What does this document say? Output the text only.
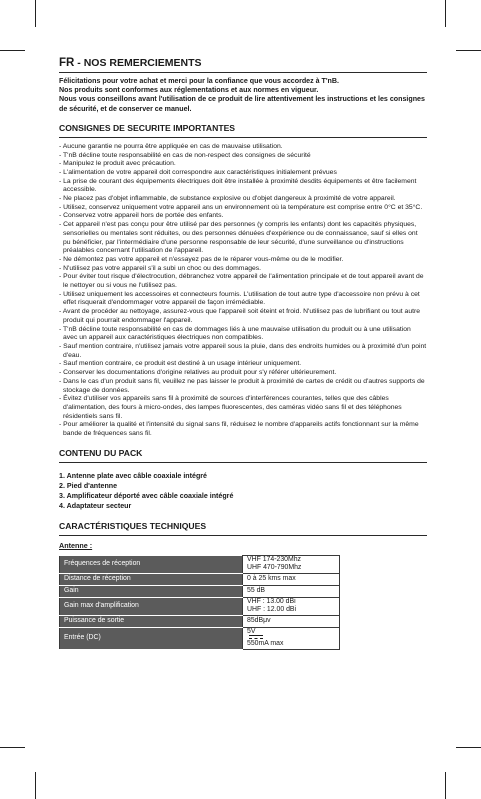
FR - NOS REMERCIEMENTS
Félicitations pour votre achat et merci pour la confiance que vous accordez à T'nB.
Nos produits sont conformes aux réglementations et aux normes en vigueur.
Nous vous conseillons avant l'utilisation de ce produit de lire attentivement les instructions et les consignes de sécurité, et de conserver ce manuel.
CONSIGNES DE SECURITE IMPORTANTES
- Aucune garantie ne pourra être appliquée en cas de mauvaise utilisation.
- T'nB décline toute responsabilité en cas de non-respect des consignes de sécurité
- Manipulez le produit avec précaution.
- L'alimentation de votre appareil doit correspondre aux caractéristiques initialement prévues
- La prise de courant des équipements électriques doit être installée à proximité desdits équipements et être facilement accessible.
- Ne placez pas d'objet inflammable, de substance explosive ou d'objet dangereux à proximité de votre appareil.
- Utilisez, conservez uniquement votre appareil ans un environnement où la température est comprise entre 0°C et 35°C.
- Conservez votre appareil hors de portée des enfants.
- Cet appareil n'est pas conçu pour être utilisé par des personnes (y compris les enfants) dont les capacités physiques, sensorielles ou mentales sont réduites, ou des personnes dénuées d'expérience ou de connaissance, sauf si elles ont pu bénéficier, par l'intermédiaire d'une personne responsable de leur sécurité, d'une surveillance ou d'instructions préalables concernant l'utilisation de l'appareil.
- Ne démontez pas votre appareil et n'essayez pas de le réparer vous-même ou de le modifier.
- N'utilisez pas votre appareil s'il a subi un choc ou des dommages.
- Pour éviter tout risque d'électrocution, débranchez votre appareil de l'alimentation principale et de tout appareil avant de le nettoyer ou si vous ne l'utilisez pas.
- Utilisez uniquement les accessoires et connecteurs fournis. L'utilisation de tout autre type d'accessoire non prévu à cet effet risquerait d'endommager votre appareil de façon irrémédiable.
- Avant de procéder au nettoyage, assurez-vous que l'appareil soit éteint et froid. N'utilisez pas de lubrifiant ou tout autre produit qui pourrait endommager l'appareil.
- T'nB décline toute responsabilité en cas de dommages liés à une mauvaise utilisation du produit ou à une utilisation avec un appareil aux caractéristiques électriques non compatibles.
- Sauf mention contraire, n'utilisez jamais votre appareil sous la pluie, dans des endroits humides ou à proximité d'un point d'eau.
- Sauf mention contraire, ce produit est destiné à un usage intérieur uniquement.
- Conserver les documentations d'origine relatives au produit pour s'y référer ultérieurement.
- Dans le cas d'un produit sans fil, veuillez ne pas laisser le produit à proximité de cartes de crédit ou d'autres supports de stockage de données.
- Évitez d'utiliser vos appareils sans fil à proximité de sources d'interférences courantes, telles que des câbles d'alimentation, des fours à micro-ondes, des lampes fluorescentes, des caméras vidéo sans fil et des téléphones résidentiels sans fil.
- Pour améliorer la qualité et l'intensité du signal sans fil, réduisez le nombre d'appareils actifs fonctionnant sur la même bande de fréquences sans fil.
CONTENU DU PACK
1. Antenne plate avec câble coaxiale intégré
2. Pied d'antenne
3. Amplificateur déporté avec câble coaxiale intégré
4. Adaptateur secteur
CARACTÉRISTIQUES TECHNIQUES
Antenne :
Fréquences de réception	VHF 174-230Mhz
UHF 470-790Mhz

Distance de réception	0 à 25 kms max
Gain	55 dB
Gain max d'amplification	VHF : 13.00 dBi
UHF : 12.00 dBi

Puissance de sortie	85dBμv
Entrée (DC)	5V
550mA max
